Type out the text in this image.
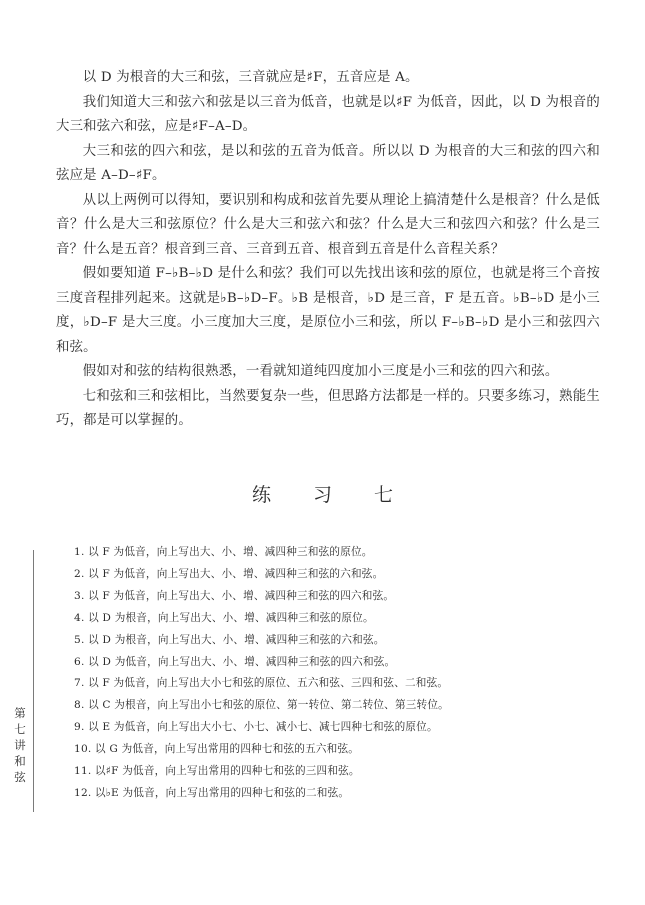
以 D 为根音的大三和弦，三音就应是♯F，五音应是 A。

我们知道大三和弦六和弦是以三音为低音，也就是以♯F 为低音，因此，以 D 为根音的大三和弦六和弦，应是♯F–A–D。

大三和弦的四六和弦，是以和弦的五音为低音。所以以 D 为根音的大三和弦的四六和弦应是 A–D–♯F。

从以上两例可以得知，要识别和构成和弦首先要从理论上搞清楚什么是根音？什么是低音？什么是大三和弦原位？什么是大三和弦六和弦？什么是大三和弦四六和弦？什么是三音？什么是五音？根音到三音、三音到五音、根音到五音是什么音程关系？

假如要知道 F–♭B–♭D 是什么和弦？我们可以先找出该和弦的原位，也就是将三个音按三度音程排列起来。这就是♭B–♭D–F。♭B 是根音，♭D 是三音，F 是五音。♭B–♭D 是小三度，♭D–F 是大三度。小三度加大三度，是原位小三和弦，所以 F–♭B–♭D 是小三和弦四六和弦。

假如对和弦的结构很熟悉，一看就知道纯四度加小三度是小三和弦的四六和弦。

七和弦和三和弦相比，当然要复杂一些，但思路方法都是一样的。只要多练习，熟能生巧，都是可以掌握的。

练 习 七
1. 以 F 为低音，向上写出大、小、增、减四种三和弦的原位。
2. 以 F 为低音，向上写出大、小、增、减四种三和弦的六和弦。
3. 以 F 为低音，向上写出大、小、增、减四种三和弦的四六和弦。
4. 以 D 为根音，向上写出大、小、增、减四种三和弦的原位。
5. 以 D 为根音，向上写出大、小、增、减四种三和弦的六和弦。
6. 以 D 为低音，向上写出大、小、增、减四种三和弦的四六和弦。
7. 以 F 为低音，向上写出大小七和弦的原位、五六和弦、三四和弦、二和弦。
8. 以 C 为根音，向上写出小七和弦的原位、第一转位、第二转位、第三转位。
9. 以 E 为低音，向上写出大小七、小七、减小七、减七四种七和弦的原位。
10. 以 G 为低音，向上写出常用的四种七和弦的五六和弦。
11. 以♯F 为低音，向上写出常用的四种七和弦的三四和弦。
12. 以♭E 为低音，向上写出常用的四种七和弦的二和弦。
第七讲 和 弦
